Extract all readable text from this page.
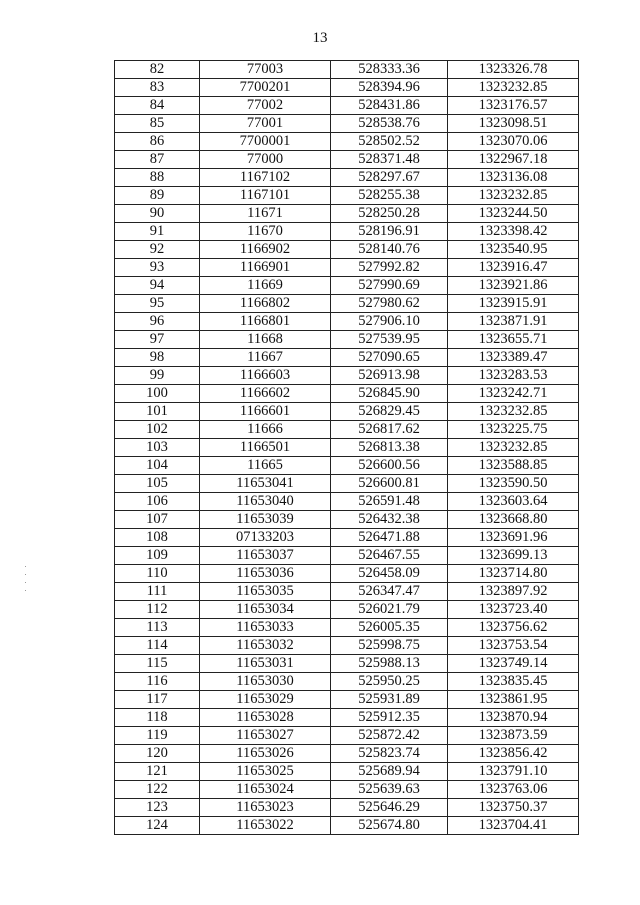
13
82	77003	528333.36	1323326.78
83	7700201	528394.96	1323232.85
84	77002	528431.86	1323176.57
85	77001	528538.76	1323098.51
86	7700001	528502.52	1323070.06
87	77000	528371.48	1322967.18
88	1167102	528297.67	1323136.08
89	1167101	528255.38	1323232.85
90	11671	528250.28	1323244.50
91	11670	528196.91	1323398.42
92	1166902	528140.76	1323540.95
93	1166901	527992.82	1323916.47
94	11669	527990.69	1323921.86
95	1166802	527980.62	1323915.91
96	1166801	527906.10	1323871.91
97	11668	527539.95	1323655.71
98	11667	527090.65	1323389.47
99	1166603	526913.98	1323283.53
100	1166602	526845.90	1323242.71
101	1166601	526829.45	1323232.85
102	11666	526817.62	1323225.75
103	1166501	526813.38	1323232.85
104	11665	526600.56	1323588.85
105	11653041	526600.81	1323590.50
106	11653040	526591.48	1323603.64
107	11653039	526432.38	1323668.80
108	07133203	526471.88	1323691.96
109	11653037	526467.55	1323699.13
110	11653036	526458.09	1323714.80
111	11653035	526347.47	1323897.92
112	11653034	526021.79	1323723.40
113	11653033	526005.35	1323756.62
114	11653032	525998.75	1323753.54
115	11653031	525988.13	1323749.14
116	11653030	525950.25	1323835.45
117	11653029	525931.89	1323861.95
118	11653028	525912.35	1323870.94
119	11653027	525872.42	1323873.59
120	11653026	525823.74	1323856.42
121	11653025	525689.94	1323791.10
122	11653024	525639.63	1323763.06
123	11653023	525646.29	1323750.37
124	11653022	525674.80	1323704.41
